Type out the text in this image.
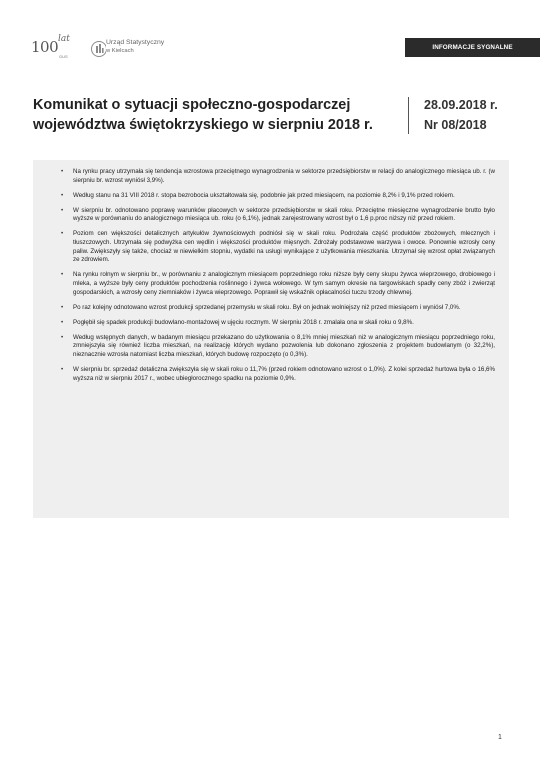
100 lat
GUS
Urząd Statystyczny
w Kielcach	INFORMACJE SYGNALNE
Komunikat o sytuacji społeczno-gospodarczej
województwa świętokrzyskiego w sierpniu 2018 r.
28.09.2018 r.
Nr 08/2018
• Na rynku pracy utrzymała się tendencja wzrostowa przeciętnego wynagrodzenia w sektorze przedsiębiorstw w relacji do analogicznego miesiąca ub. r. (w sierpniu br. wzrost wyniósł 3,9%).
• Według stanu na 31 VIII 2018 r. stopa bezrobocia ukształtowała się, podobnie jak przed miesiącem, na poziomie 8,2% i 9,1% przed rokiem.
• W sierpniu br. odnotowano poprawę warunków płacowych w sektorze przedsiębiorstw w skali roku. Przeciętne miesięczne wynagrodzenie brutto było wyższe w porównaniu do analogicznego miesiąca ub. roku (o 6,1%), jednak zarejestrowany wzrost był o 1,6 p.proc niższy niż przed rokiem.
• Poziom cen większości detalicznych artykułów żywnościowych podniósł się w skali roku. Podrożała część produktów zbożowych, mlecznych i tłuszczowych. Utrzymała się podwyżka cen wędlin i większości produktów mięsnych. Zdrożały podstawowe warzywa i owoce. Ponownie wzrosły ceny paliw. Zwiększyły się także, chociaż w niewielkim stopniu, wydatki na usługi wynikające z użytkowania mieszkania. Utrzymał się wzrost opłat związanych ze zdrowiem.
• Na rynku rolnym w sierpniu br., w porównaniu z analogicznym miesiącem poprzedniego roku niższe były ceny skupu żywca wieprzowego, drobiowego i mleka, a wyższe były ceny produktów pochodzenia roślinnego i żywca wołowego. W tym samym okresie na targowiskach spadły ceny zbóż i zwierząt gospodarskich, a wzrosły ceny ziemniaków i żywca wieprzowego. Poprawił się wskaźnik opłacalności tuczu trzody chlewnej.
• Po raz kolejny odnotowano wzrost produkcji sprzedanej przemysłu w skali roku. Był on jednak wolniejszy niż przed miesiącem i wyniósł 7,0%.
• Pogłębił się spadek produkcji budowlano-montażowej w ujęciu rocznym. W sierpniu 2018 r. zmalała ona w skali roku o 9,8%.
• Według wstępnych danych, w badanym miesiącu przekazano do użytkowania o 8,1% mniej mieszkań niż w analogicznym miesiącu poprzedniego roku, zmniejszyła się również liczba mieszkań, na realizację których wydano pozwolenia lub dokonano zgłoszenia z projektem budowlanym (o 32,2%), nieznacznie wzrosła natomiast liczba mieszkań, których budowę rozpoczęto (o 0,3%).
• W sierpniu br. sprzedaż detaliczna zwiększyła się w skali roku o 11,7% (przed rokiem odnotowano wzrost o 1,0%). Z kolei sprzedaż hurtowa była o 16,6% wyższa niż w sierpniu 2017 r., wobec ubiegłorocznego spadku na poziomie 0,9%.
1
